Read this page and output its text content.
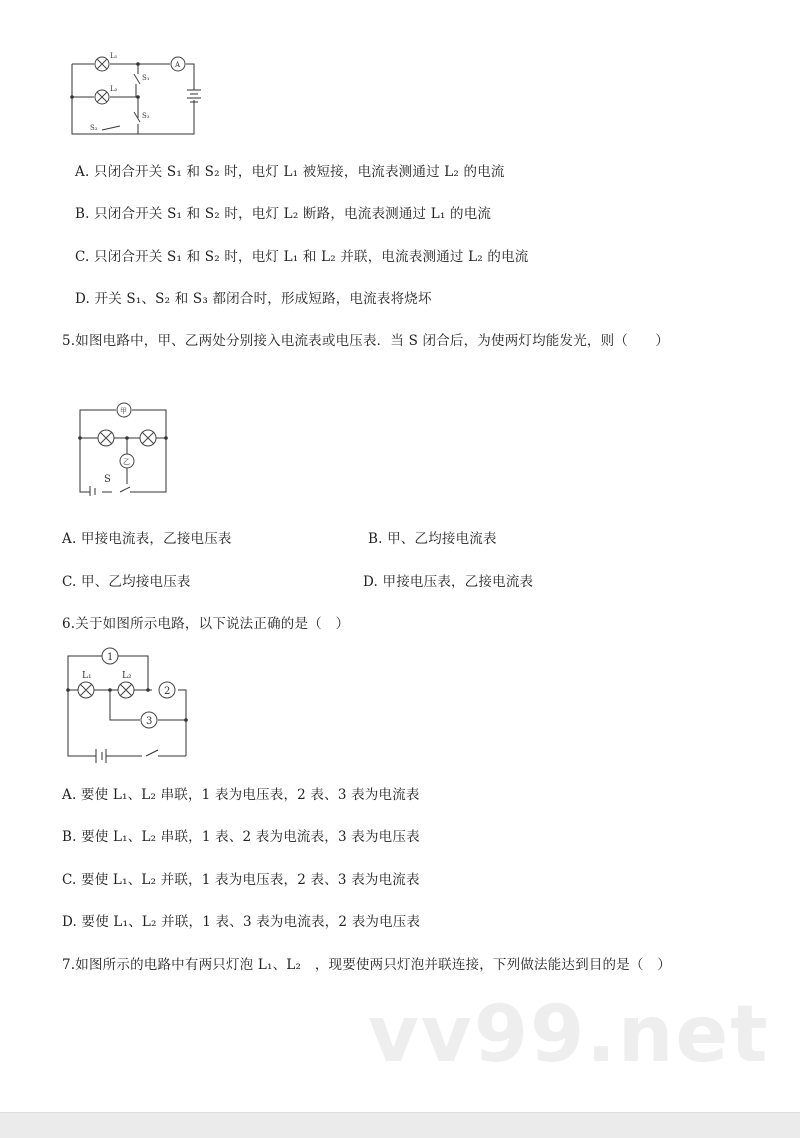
L₁
L₂
A
S₁
S₂
S₃
A. 只闭合开关 S₁ 和 S₂ 时，电灯 L₁ 被短接，电流表测通过 L₂ 的电流
B. 只闭合开关 S₁ 和 S₂ 时，电灯 L₂ 断路，电流表测通过 L₁ 的电流
C. 只闭合开关 S₁ 和 S₂ 时，电灯 L₁ 和 L₂ 并联，电流表测通过 L₂ 的电流
D. 开关 S₁、S₂ 和 S₃ 都闭合时，形成短路，电流表将烧坏
5.如图电路中，甲、乙两处分别接入电流表或电压表．当 S 闭合后，为使两灯均能发光，则（　　）
甲
乙
S
A. 甲接电流表，乙接电压表	B. 甲、乙均接电流表
C. 甲、乙均接电压表	D. 甲接电压表，乙接电流表
6.关于如图所示电路，以下说法正确的是（　）
L₁	L₂
1
2
3
A. 要使 L₁、L₂ 串联，1 表为电压表，2 表、3 表为电流表
B. 要使 L₁、L₂ 串联，1 表、2 表为电流表，3 表为电压表
C. 要使 L₁、L₂ 并联，1 表为电压表，2 表、3 表为电流表
D. 要使 L₁、L₂ 并联，1 表、3 表为电流表，2 表为电压表
7.如图所示的电路中有两只灯泡 L₁、L₂　，现要使两只灯泡并联连接，下列做法能达到目的是（　）
vv99.net
